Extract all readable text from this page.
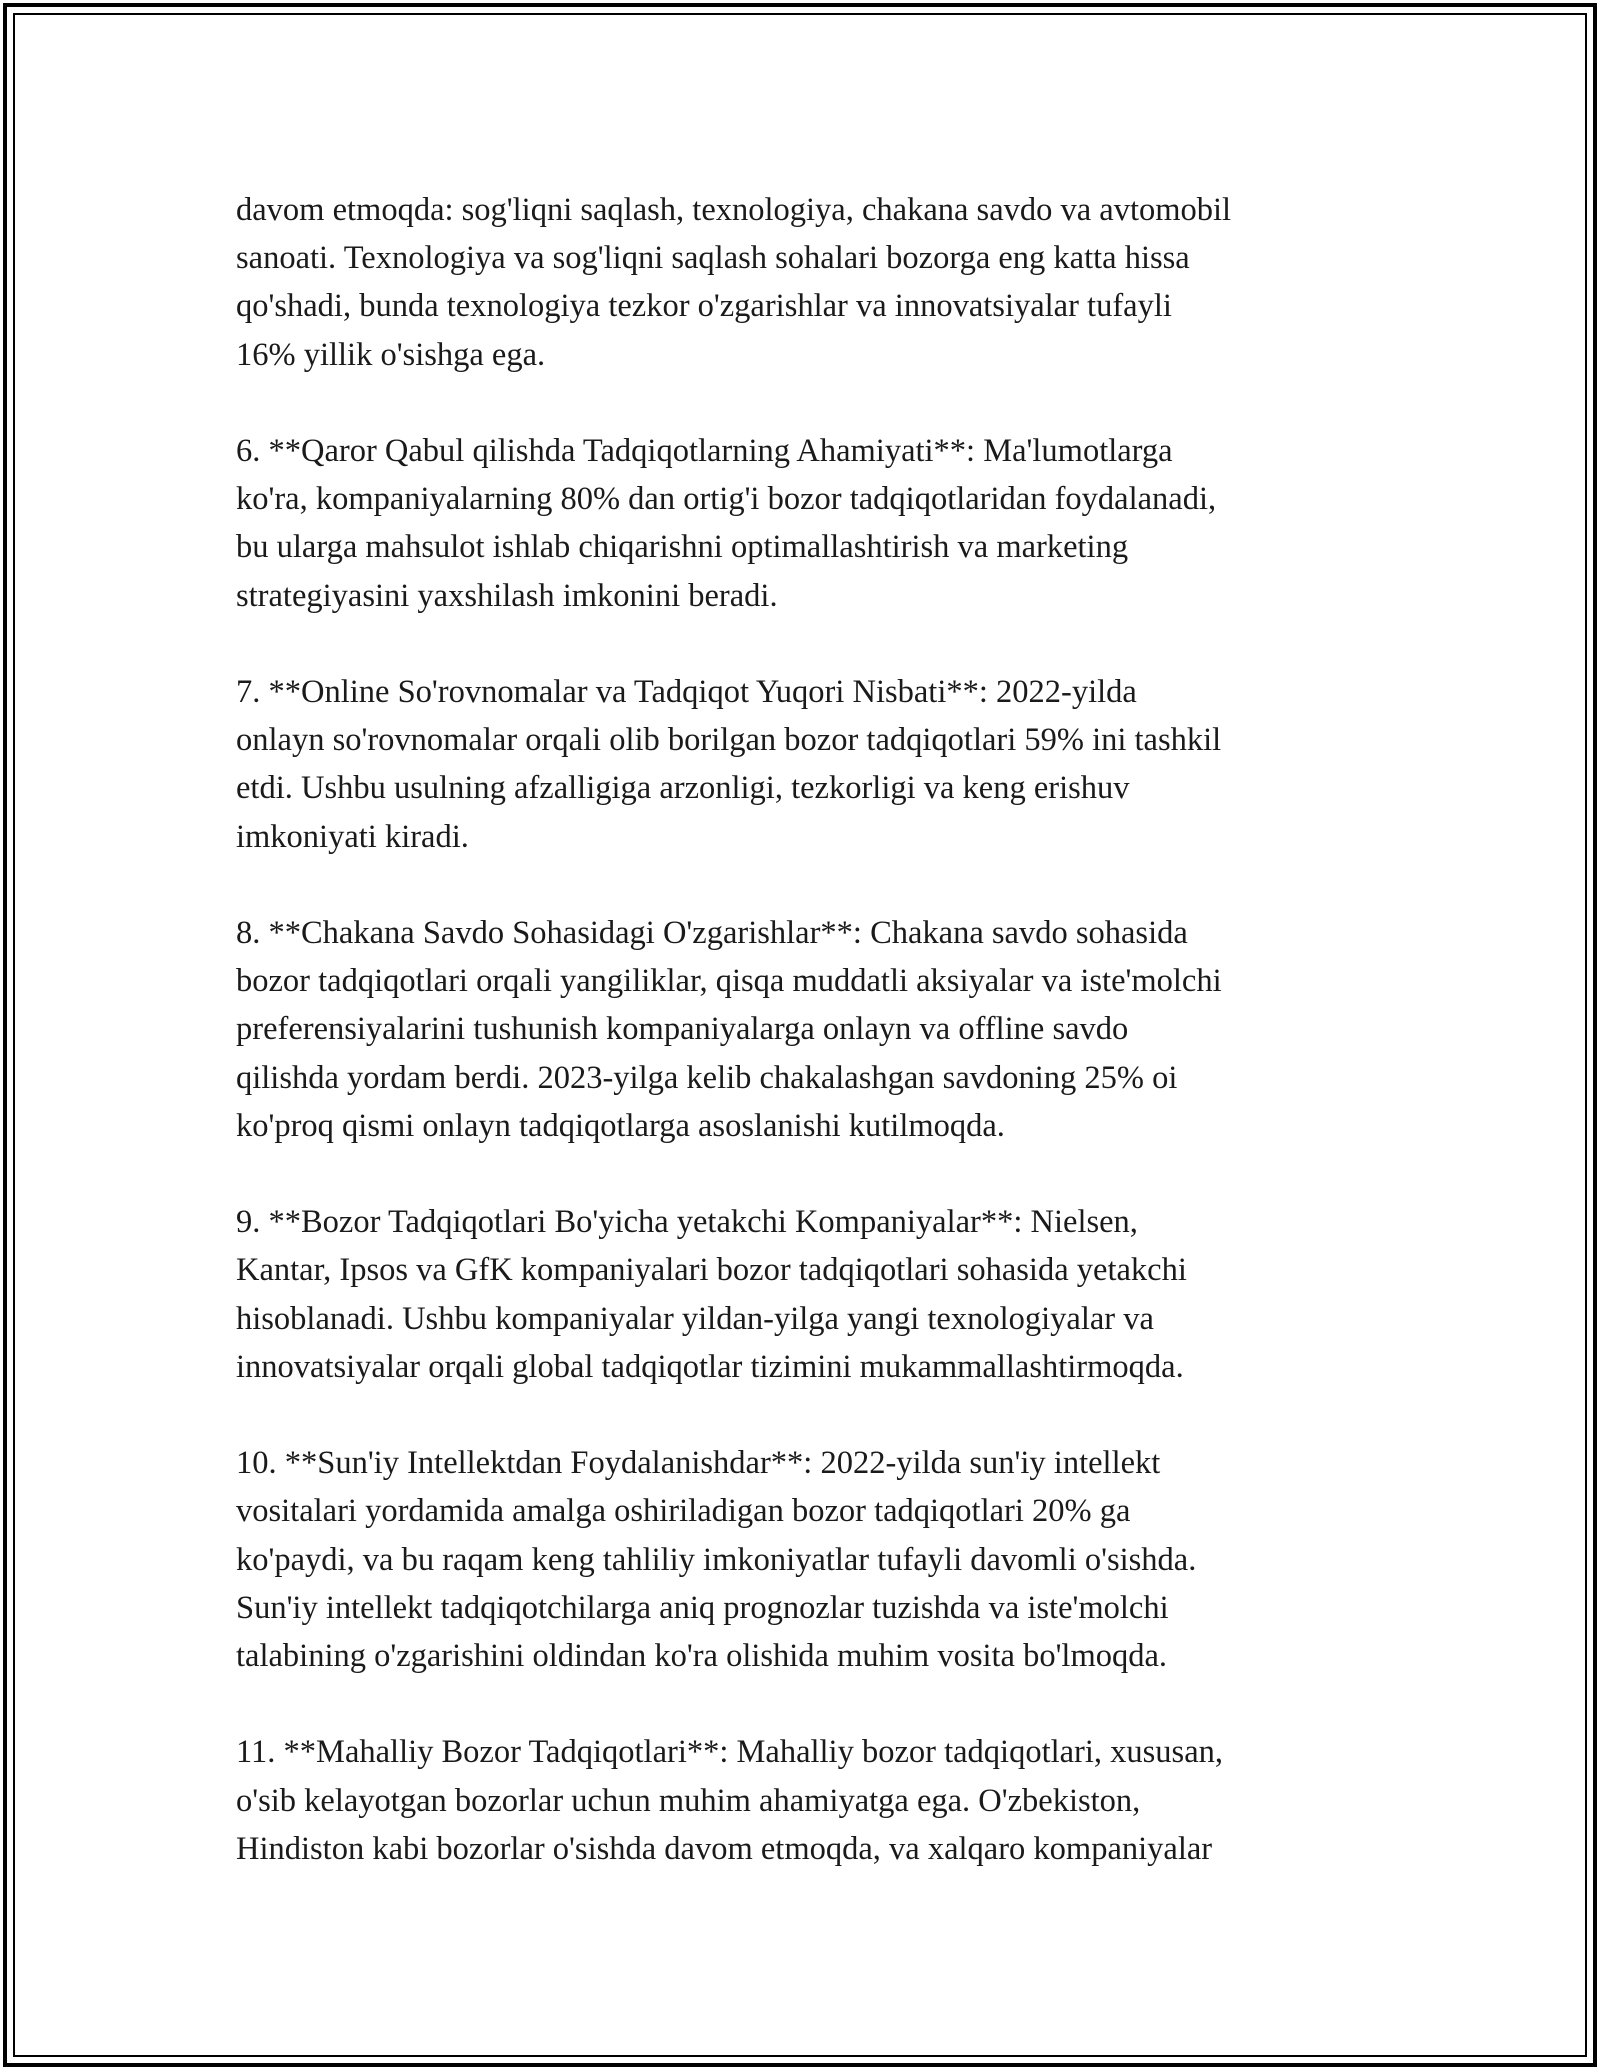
davom etmoqda: sog'liqni saqlash, texnologiya, chakana savdo va avtomobil
sanoati. Texnologiya va sog'liqni saqlash sohalari bozorga eng katta hissa
qo'shadi, bunda texnologiya tezkor o'zgarishlar va innovatsiyalar tufayli
16% yillik o'sishga ega.

6. **Qaror Qabul qilishda Tadqiqotlarning Ahamiyati**: Ma'lumotlarga
ko'ra, kompaniyalarning 80% dan ortig'i bozor tadqiqotlaridan foydalanadi,
bu ularga mahsulot ishlab chiqarishni optimallashtirish va marketing
strategiyasini yaxshilash imkonini beradi.

7. **Online So'rovnomalar va Tadqiqot Yuqori Nisbati**: 2022-yilda
onlayn so'rovnomalar orqali olib borilgan bozor tadqiqotlari 59% ini tashkil
etdi. Ushbu usulning afzalligiga arzonligi, tezkorligi va keng erishuv
imkoniyati kiradi.

8. **Chakana Savdo Sohasidagi O'zgarishlar**: Chakana savdo sohasida
bozor tadqiqotlari orqali yangiliklar, qisqa muddatli aksiyalar va iste'molchi
preferensiyalarini tushunish kompaniyalarga onlayn va offline savdo
qilishda yordam berdi. 2023-yilga kelib chakalashgan savdoning 25% oi
ko'proq qismi onlayn tadqiqotlarga asoslanishi kutilmoqda.

9. **Bozor Tadqiqotlari Bo'yicha yetakchi Kompaniyalar**: Nielsen,
Kantar, Ipsos va GfK kompaniyalari bozor tadqiqotlari sohasida yetakchi
hisoblanadi. Ushbu kompaniyalar yildan-yilga yangi texnologiyalar va
innovatsiyalar orqali global tadqiqotlar tizimini mukammallashtirmoqda.

10. **Sun'iy Intellektdan Foydalanishdar**: 2022-yilda sun'iy intellekt
vositalari yordamida amalga oshiriladigan bozor tadqiqotlari 20% ga
ko'paydi, va bu raqam keng tahliliy imkoniyatlar tufayli davomli o'sishda.
Sun'iy intellekt tadqiqotchilarga aniq prognozlar tuzishda va iste'molchi
talabining o'zgarishini oldindan ko'ra olishida muhim vosita bo'lmoqda.

11. **Mahalliy Bozor Tadqiqotlari**: Mahalliy bozor tadqiqotlari, xususan,
o'sib kelayotgan bozorlar uchun muhim ahamiyatga ega. O'zbekiston,
Hindiston kabi bozorlar o'sishda davom etmoqda, va xalqaro kompaniyalar
